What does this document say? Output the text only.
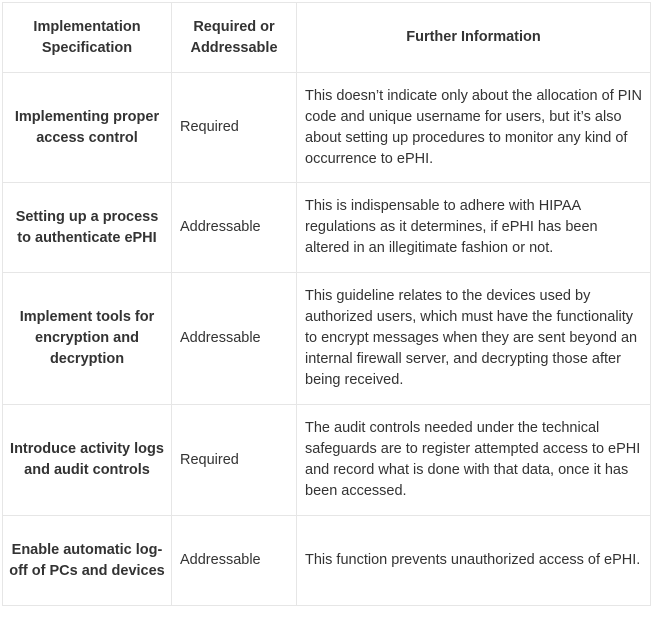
Implementation Specification	Required or Addressable	Further Information
Implementing proper access control	Required	This doesn’t indicate only about the allocation of PIN code and unique username for users, but it’s also about setting up procedures to monitor any kind of occurrence to ePHI.
Setting up a process to authenticate ePHI	Addressable	This is indispensable to adhere with HIPAA regulations as it determines, if ePHI has been altered in an illegitimate fashion or not.
Implement tools for encryption and decryption	Addressable	This guideline relates to the devices used by authorized users, which must have the functionality to encrypt messages when they are sent beyond an internal firewall server, and decrypting those after being received.
Introduce activity logs and audit controls	Required	The audit controls needed under the technical safeguards are to register attempted access to ePHI and record what is done with that data, once it has been accessed.
Enable automatic log-off of PCs and devices	Addressable	This function prevents unauthorized access of ePHI.
